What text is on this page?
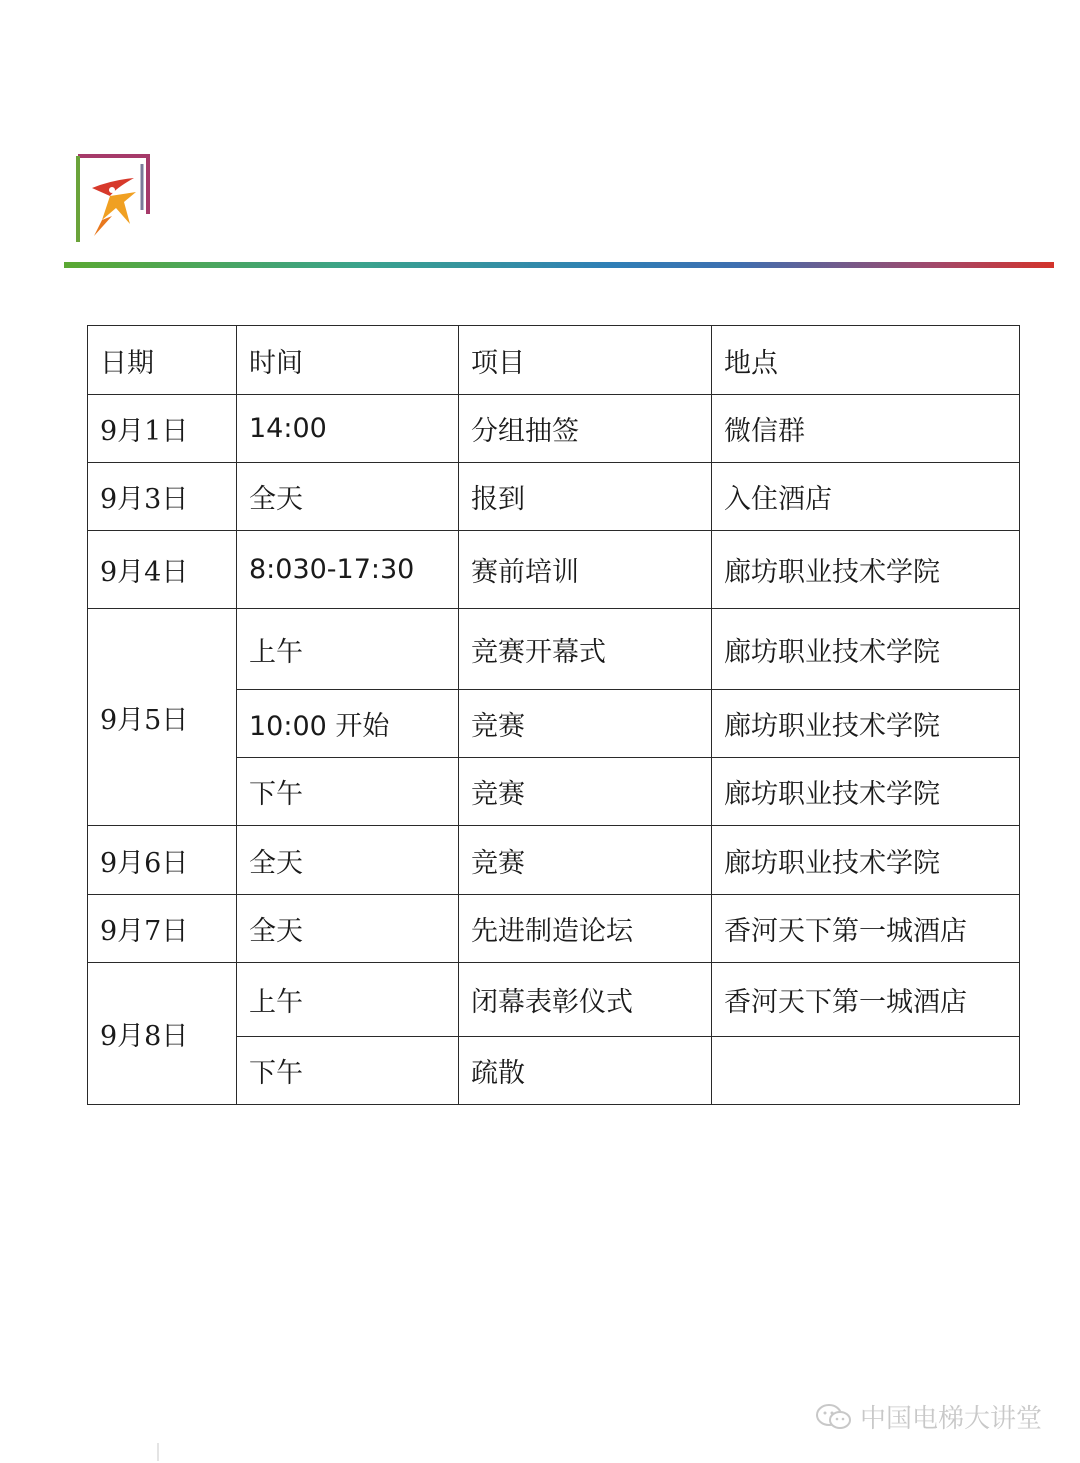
日期	时间	项目	地点
9月1日	14:00	分组抽签	微信群
9月3日	全天	报到	入住酒店
9月4日	8:030-17:30	赛前培训	廊坊职业技术学院
9月5日	上午	竞赛开幕式	廊坊职业技术学院
	10:00 开始	竞赛	廊坊职业技术学院
	下午	竞赛	廊坊职业技术学院
9月6日	全天	竞赛	廊坊职业技术学院
9月7日	全天	先进制造论坛	香河天下第一城酒店
9月8日	上午	闭幕表彰仪式	香河天下第一城酒店
	下午	疏散	
中国电梯大讲堂
